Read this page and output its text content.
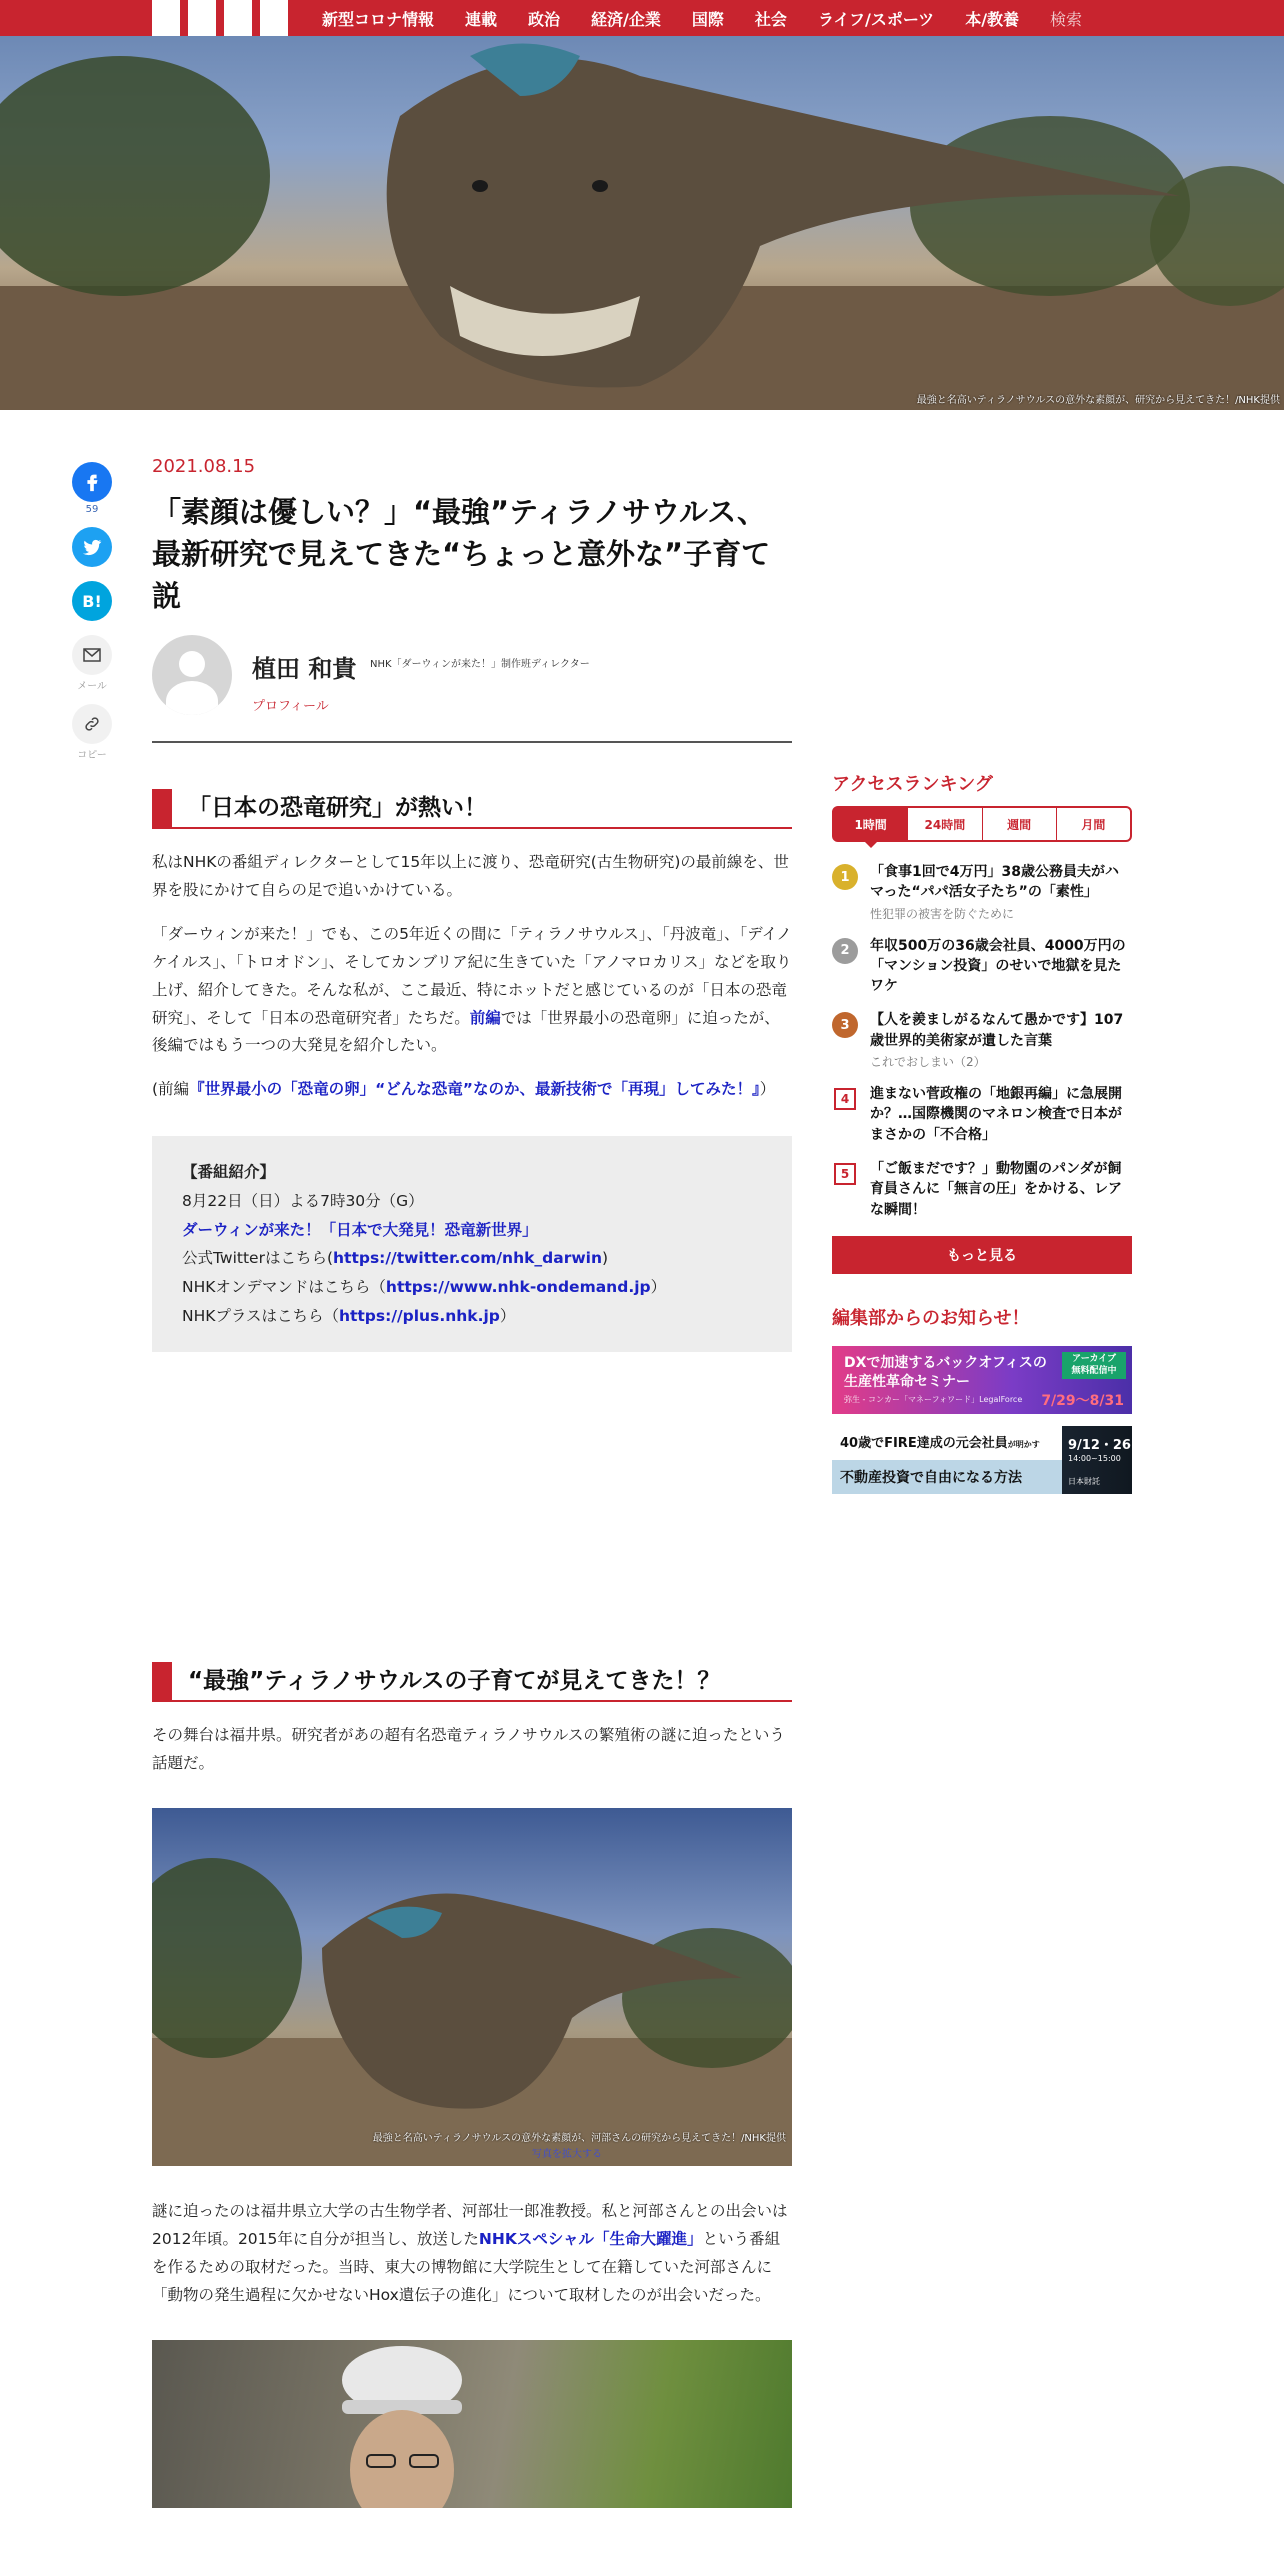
新型コロナ情報 連載 政治 経済/企業 国際 社会 ライフ/スポーツ 本/教養 検索
最強と名高いティラノサウルスの意外な素顔が、研究から見えてきた！/NHK提供
59
B!
メール
コピー
2021.08.15
「素顔は優しい？」“最強”ティラノサウルス、最新研究で見えてきた“ちょっと意外な”子育て説
植田 和貴 NHK「ダーウィンが来た！」制作班ディレクター
プロフィール
「日本の恐竜研究」が熱い！

私はNHKの番組ディレクターとして15年以上に渡り、恐竜研究(古生物研究)の最前線を、世界を股にかけて自らの足で追いかけている。

「ダーウィンが来た！」でも、この5年近くの間に「ティラノサウルス」、「丹波竜」、「デイノケイルス」、「トロオドン」、そしてカンブリア紀に生きていた「アノマロカリス」などを取り上げ、紹介してきた。そんな私が、ここ最近、特にホットだと感じているのが「日本の恐竜研究」、そして「日本の恐竜研究者」たちだ。前編では「世界最小の恐竜卵」に迫ったが、後編ではもう一つの大発見を紹介したい。

(前編『世界最小の「恐竜の卵」“どんな恐竜”なのか、最新技術で「再現」してみた！』）

【番組紹介】
8月22日（日）よる7時30分（G）
ダーウィンが来た！「日本で大発見！恐竜新世界」
公式Twitterはこちら(https://twitter.com/nhk_darwin)
NHKオンデマンドはこちら（https://www.nhk-ondemand.jp）
NHKプラスはこちら（https://plus.nhk.jp）
“最強”ティラノサウルスの子育てが見えてきた！？

その舞台は福井県。研究者があの超有名恐竜ティラノサウルスの繁殖術の謎に迫ったという話題だ。

最強と名高いティラノサウルスの意外な素顔が、河部さんの研究から見えてきた！/NHK提供
写真を拡大する

謎に迫ったのは福井県立大学の古生物学者、河部壮一郎准教授。私と河部さんとの出会いは2012年頃。2015年に自分が担当し、放送したNHKスペシャル「生命大躍進」という番組を作るための取材だった。当時、東大の博物館に大学院生として在籍していた河部さんに「動物の発生過程に欠かせないHox遺伝子の進化」について取材したのが出会いだった。

アクセスランキング
1時間	24時間	週間	月間
1	「食事1回で4万円」38歳公務員夫がハマった“パパ活女子たち”の「素性」
性犯罪の被害を防ぐために
2	年収500万の36歳会社員、4000万円の「マンション投資」のせいで地獄を見たワケ
3	【人を羨ましがるなんて愚かです】107歳世界的美術家が遺した言葉
これでおしまい（2）
4	進まない菅政権の「地銀再編」に急展開か？…国際機関のマネロン検査で日本がまさかの「不合格」
5	「ご飯まだです？」動物園のパンダが飼育員さんに「無言の圧」をかける、レアな瞬間！
もっと見る
編集部からのお知らせ！
DXで加速するバックオフィスの
生産性革命セミナー
弥生 - コンカー「マネーフォワード」LegalForce
アーカイブ
無料配信中
7/29〜8/31
40歳でFIRE達成の元会社員が明かす
不動産投資で自由になる方法
9/12・26
14:00~15:00
日本財託
